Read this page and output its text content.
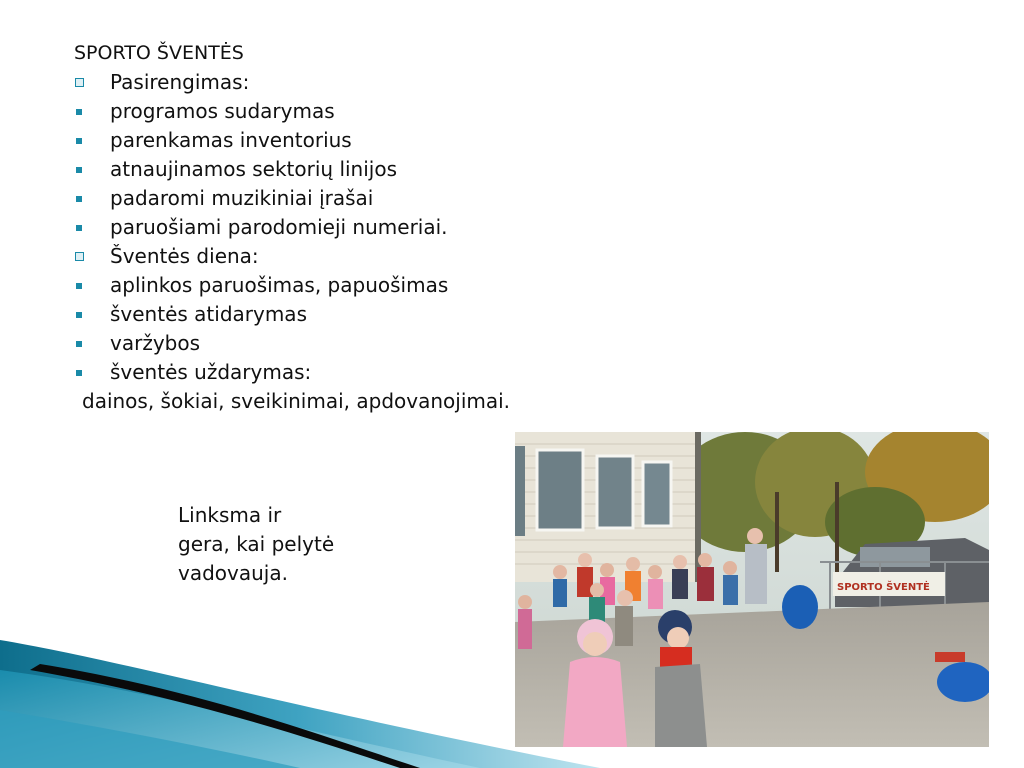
SPORTO ŠVENTĖS
Pasirengimas:
programos sudarymas
parenkamas inventorius
atnaujinamos sektorių linijos
padaromi muzikiniai įrašai
paruošiami parodomieji numeriai.
Šventės diena:
aplinkos paruošimas, papuošimas
šventės atidarymas
varžybos
šventės uždarymas:
dainos, šokiai, sveikinimai, apdovanojimai.
Linksma ir gera, kai pelytė vadovauja.
SPORTO ŠVENTĖ
